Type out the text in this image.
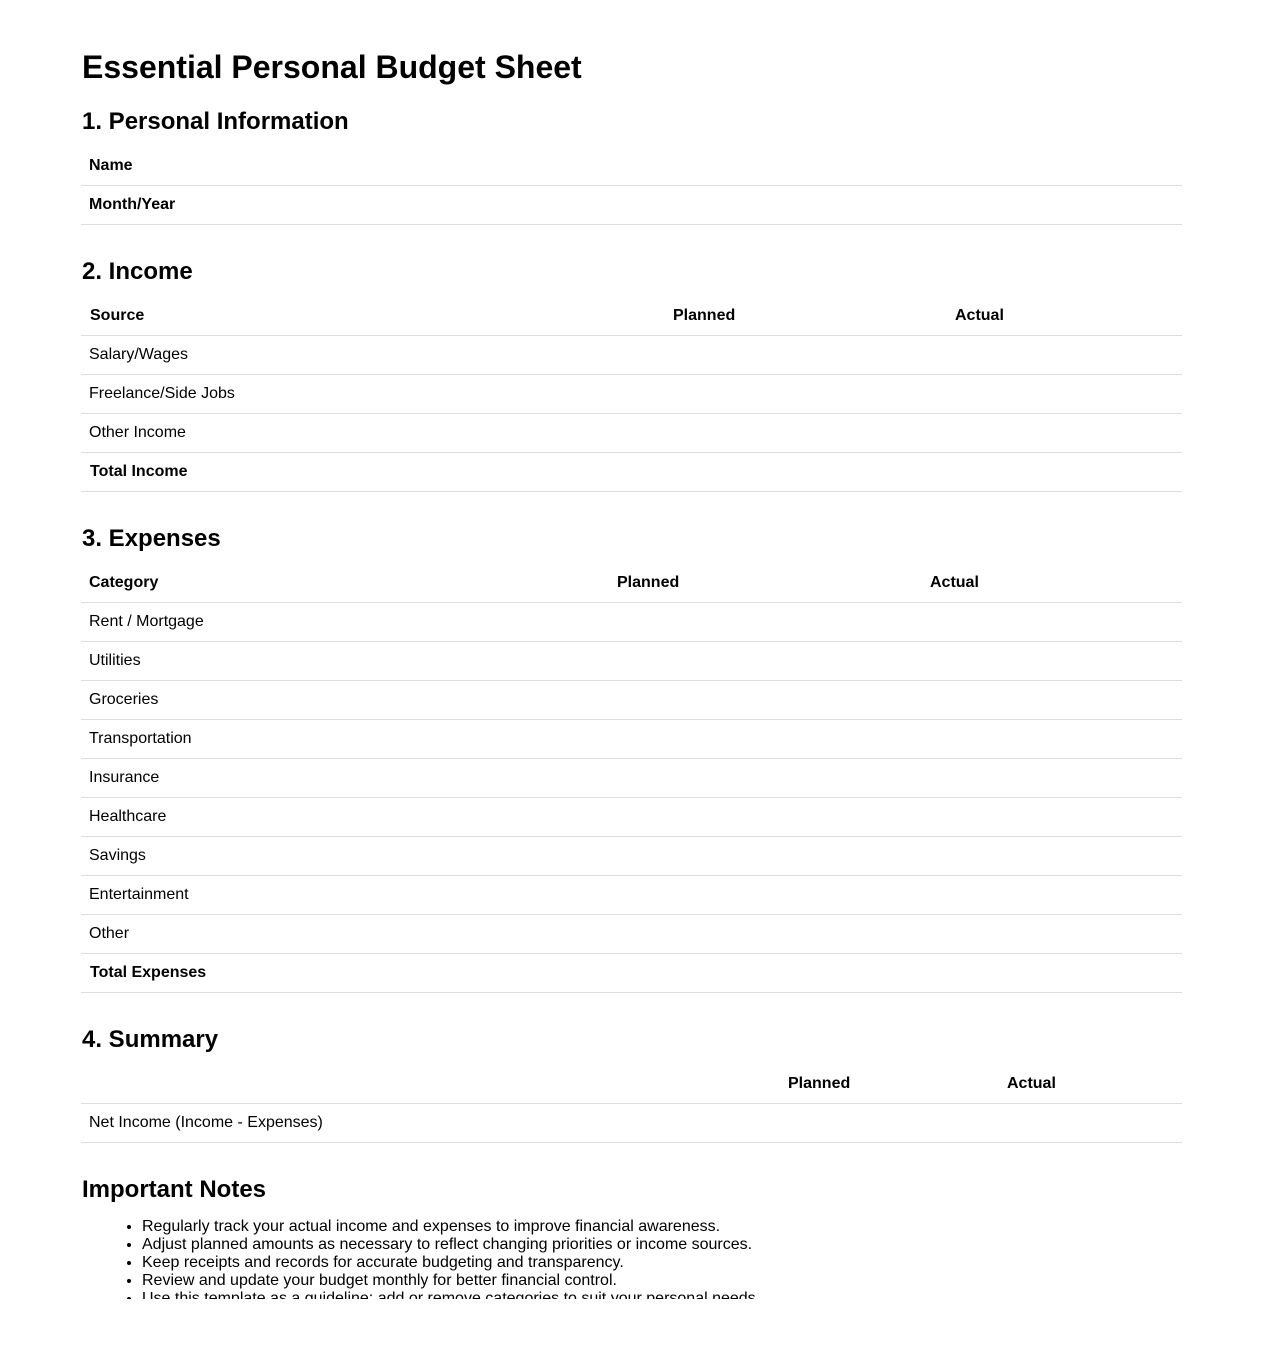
Essential Personal Budget Sheet
1. Personal Information
Name
Month/Year
2. Income
Source	Planned	Actual
Salary/Wages		
Freelance/Side Jobs		
Other Income		
Total Income		
3. Expenses
Category	Planned	Actual
Rent / Mortgage		
Utilities		
Groceries		
Transportation		
Insurance		
Healthcare		
Savings		
Entertainment		
Other		
Total Expenses		
4. Summary
	Planned	Actual
Net Income (Income - Expenses)		
Important Notes
• Regularly track your actual income and expenses to improve financial awareness.
• Adjust planned amounts as necessary to reflect changing priorities or income sources.
• Keep receipts and records for accurate budgeting and transparency.
• Review and update your budget monthly for better financial control.
•
